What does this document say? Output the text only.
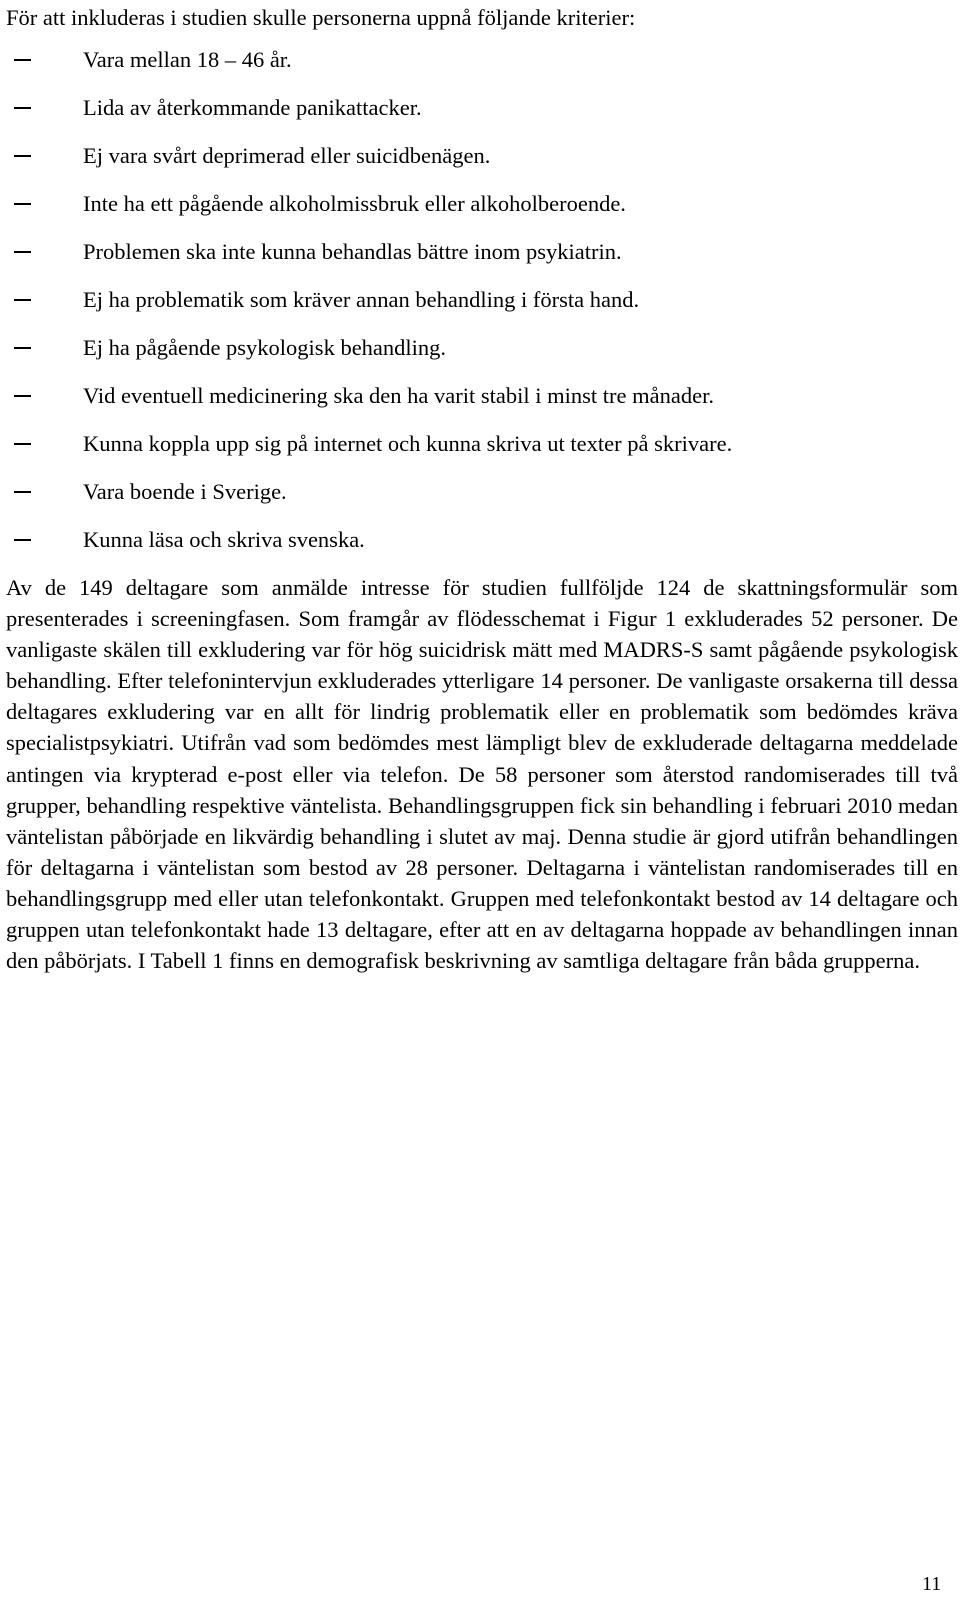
För att inkluderas i studien skulle personerna uppnå följande kriterier:
Vara mellan 18 – 46 år.
Lida av återkommande panikattacker.
Ej vara svårt deprimerad eller suicidbenägen.
Inte ha ett pågående alkoholmissbruk eller alkoholberoende.
Problemen ska inte kunna behandlas bättre inom psykiatrin.
Ej ha problematik som kräver annan behandling i första hand.
Ej ha pågående psykologisk behandling.
Vid eventuell medicinering ska den ha varit stabil i minst tre månader.
Kunna koppla upp sig på internet och kunna skriva ut texter på skrivare.
Vara boende i Sverige.
Kunna läsa och skriva svenska.

Av de 149 deltagare som anmälde intresse för studien fullföljde 124 de skattningsformulär som presenterades i screeningfasen. Som framgår av flödesschemat i Figur 1 exkluderades 52 personer. De vanligaste skälen till exkludering var för hög suicidrisk mätt med MADRS-S samt pågående psykologisk behandling. Efter telefonintervjun exkluderades ytterligare 14 personer. De vanligaste orsakerna till dessa deltagares exkludering var en allt för lindrig problematik eller en problematik som bedömdes kräva specialistpsykiatri. Utifrån vad som bedömdes mest lämpligt blev de exkluderade deltagarna meddelade antingen via krypterad e-post eller via telefon. De 58 personer som återstod randomiserades till två grupper, behandling respektive väntelista. Behandlingsgruppen fick sin behandling i februari 2010 medan väntelistan påbörjade en likvärdig behandling i slutet av maj. Denna studie är gjord utifrån behandlingen för deltagarna i väntelistan som bestod av 28 personer. Deltagarna i väntelistan randomiserades till en behandlingsgrupp med eller utan telefonkontakt. Gruppen med telefonkontakt bestod av 14 deltagare och gruppen utan telefonkontakt hade 13 deltagare, efter att en av deltagarna hoppade av behandlingen innan den påbörjats. I Tabell 1 finns en demografisk beskrivning av samtliga deltagare från båda grupperna.

11
